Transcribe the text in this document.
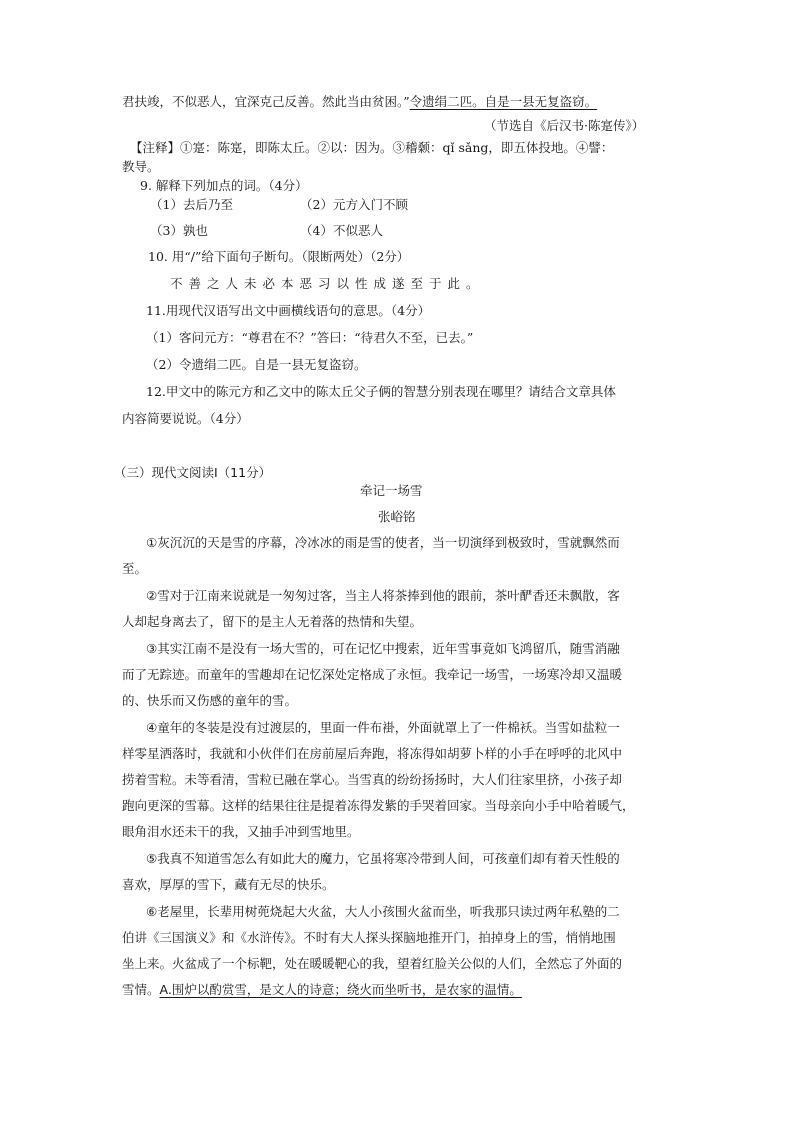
君扶竣，不似恶人，宜深克己反善。然此当由贫困。”令遗绢二匹。自是一县无复盗窃。
（节选自《后汉书·陈寔传》）
【注释】①寔：陈寔，即陈太丘。②以：因为。③稽颡：qǐ sǎng，即五体投地。④譬：
教导。
9. 解释下列加点的词。（4分）
（1）去后乃至	（2）元方入门不顾
（3）孰也	（4）不似恶人
10. 用“/”给下面句子断句。（限断两处）（2分）
不善之人未必本恶习以性成遂至于此。
11.用现代汉语写出文中画横线语句的意思。（4分）
（1）客问元方：“尊君在不？”答曰：“待君久不至，已去。”
（2）令遗绢二匹。自是一县无复盗窃。
12.甲文中的陈元方和乙文中的陈太丘父子俩的智慧分别表现在哪里？请结合文章具体
内容简要说说。（4分）
（三）现代文阅读Ⅰ（11分）
牵记一场雪
张峪铭
①灰沉沉的天是雪的序幕，冷冰冰的雨是雪的使者，当一切演绎到极致时，雪就飘然而
至。
②雪对于江南来说就是一匆匆过客，当主人将茶捧到他的跟前，茶叶酽香还未飘散，客
人却起身离去了，留下的是主人无着落的热情和失望。
③其实江南不是没有一场大雪的，可在记忆中搜索，近年雪事竟如飞鸿留爪，随雪消融
而了无踪迹。而童年的雪趣却在记忆深处定格成了永恒。我牵记一场雪，一场寒冷却又温暖
的、快乐而又伤感的童年的雪。
④童年的冬装是没有过渡层的，里面一件布褂，外面就罩上了一件棉袄。当雪如盐粒一
样零星洒落时，我就和小伙伴们在房前屋后奔跑，将冻得如胡萝卜样的小手在呼呼的北风中
捞着雪粒。未等看清，雪粒已融在掌心。当雪真的纷纷扬扬时，大人们往家里挤，小孩子却
跑向更深的雪幕。这样的结果往往是提着冻得发紫的手哭着回家。当母亲向小手中哈着暖气，
眼角泪水还未干的我，又抽手冲到雪地里。
⑤我真不知道雪怎么有如此大的魔力，它虽将寒冷带到人间，可孩童们却有着天性般的
喜欢，厚厚的雪下，藏有无尽的快乐。
⑥老屋里，长辈用树蔸烧起大火盆，大人小孩围火盆而坐，听我那只读过两年私塾的二
伯讲《三国演义》和《水浒传》。不时有大人探头探脑地推开门，拍掉身上的雪，悄悄地围
坐上来。火盆成了一个标靶，处在暖暖靶心的我，望着红脸关公似的人们，全然忘了外面的
雪情。A.围炉以酌赏雪，是文人的诗意；绕火而坐听书，是农家的温情。
